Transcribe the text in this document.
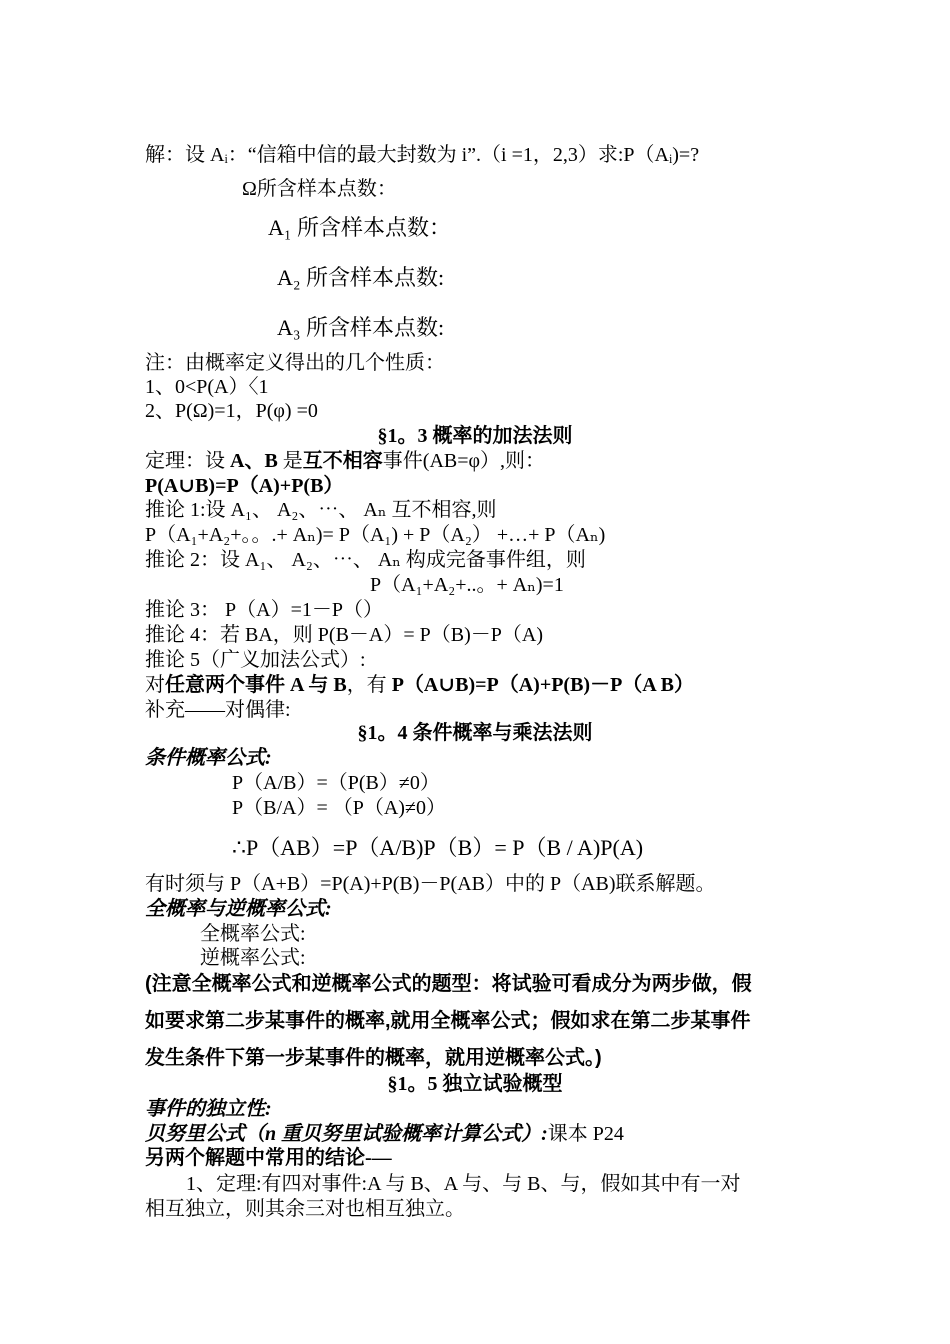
解：设 Aᵢ：“信箱中信的最大封数为 i”.（i =1，2,3）求:P（Aᵢ)=?
Ω所含样本点数：
A₁ 所含样本点数：
A₂ 所含样本点数:
A₃ 所含样本点数:
注：由概率定义得出的几个性质：
1、0<P(A）〈1
2、P(Ω)=1，P(φ) =0
§1。3 概率的加法法则
定理：设 A、B 是互不相容事件(AB=φ）,则：
P(A∪B)=P（A)+P(B）
推论 1:设 A₁、 A₂、⋯、 Aₙ 互不相容,则
P（A₁+A₂+。。.+ Aₙ)= P（A₁) + P（A₂） +…+ P（Aₙ)
推论 2：设 A₁、 A₂、⋯、 Aₙ 构成完备事件组，则
P（A₁+A₂+..。+ Aₙ)=1
推论 3： P（A）=1－P（）
推论 4：若 BA，则 P(B－A）= P（B)－P（A)
推论 5（广义加法公式）:
对任意两个事件 A 与 B，有 P（A∪B)=P（A)+P(B)－P（A B）
补充——对偶律:
§1。4 条件概率与乘法法则
条件概率公式:
P（A/B）=（P(B）≠0）
P（B/A）= （P（A)≠0）
∴P（AB）=P（A/B)P（B）= P（B / A)P(A)
有时须与 P（A+B）=P(A)+P(B)－P(AB）中的 P（AB)联系解题。
全概率与逆概率公式:
全概率公式:
逆概率公式:
(注意全概率公式和逆概率公式的题型：将试验可看成分为两步做，假
如要求第二步某事件的概率,就用全概率公式；假如求在第二步某事件
发生条件下第一步某事件的概率，就用逆概率公式。)
§1。5 独立试验概型
事件的独立性:
贝努里公式（n 重贝努里试验概率计算公式）:课本 P24
另两个解题中常用的结论-—
1、定理:有四对事件:A 与 B、A 与、与 B、与，假如其中有一对
相互独立，则其余三对也相互独立。
